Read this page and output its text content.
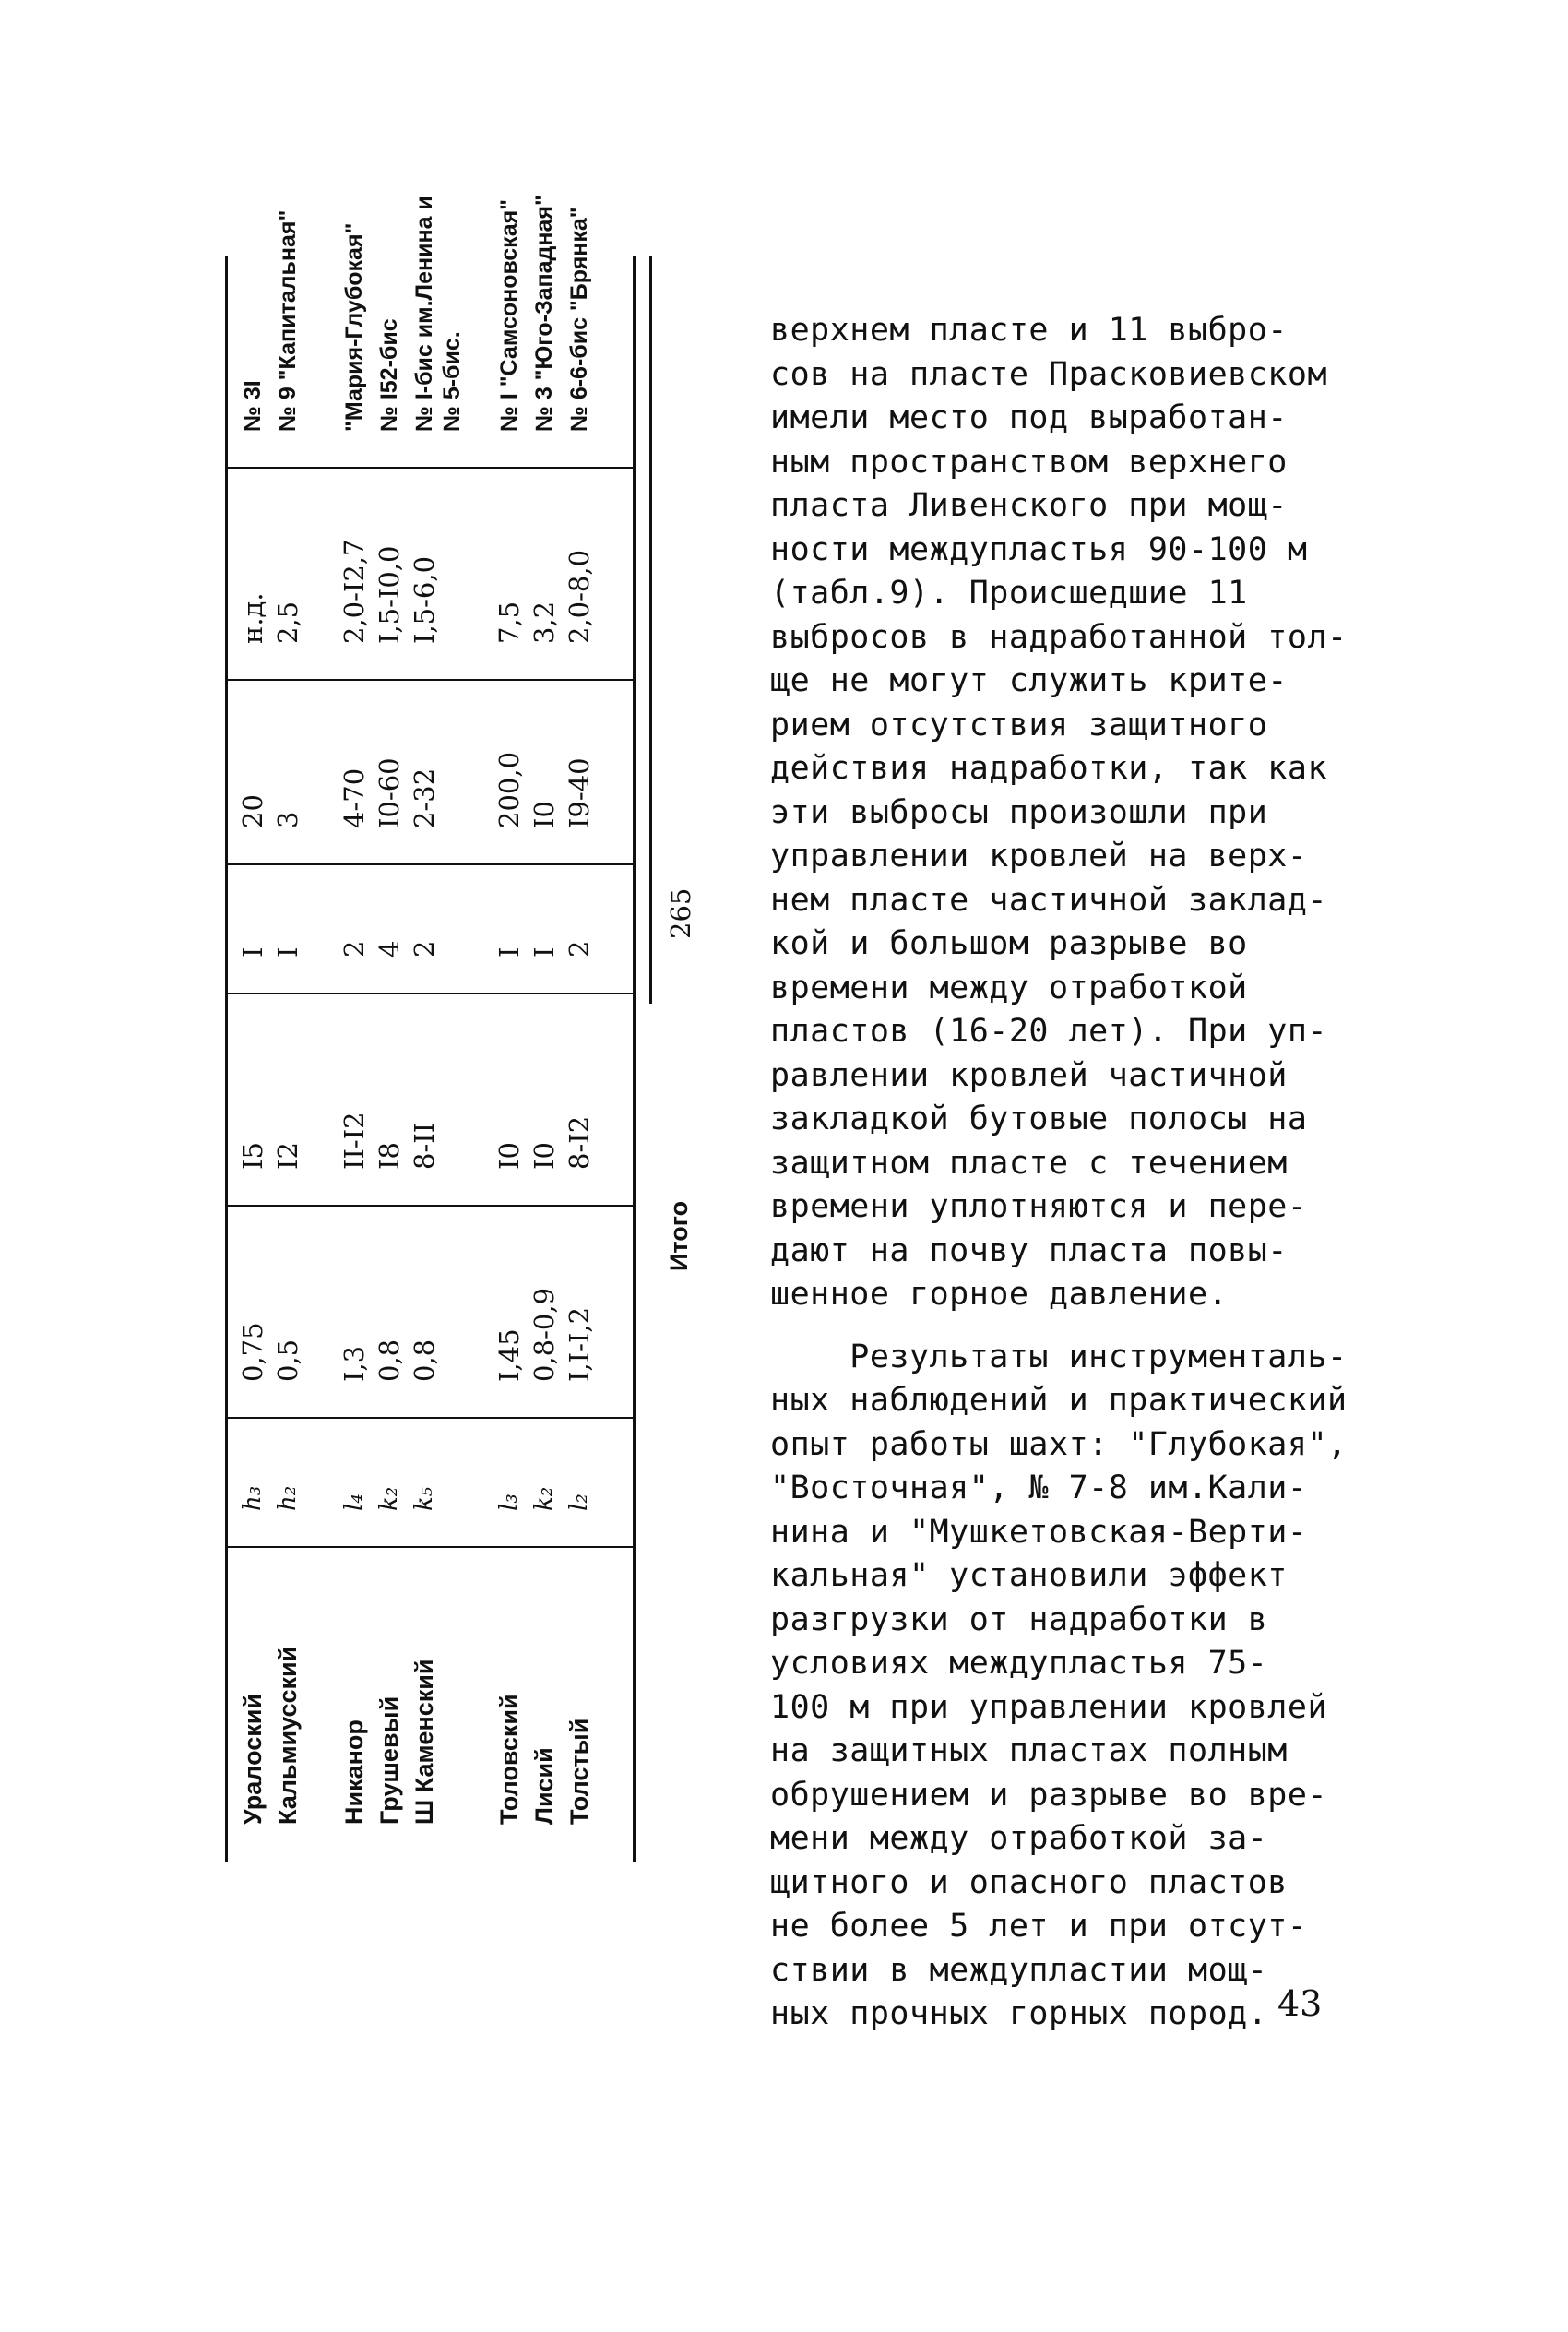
Уралоский
h₃
0,75
I5
I
20
н.д.
№ 3I
Кальмиусский
h₂
0,5
I2
I
3
2,5
№ 9 "Капитальная"
Никанор
l₄
I,3
II-I2
2
4-70
2,0-I2,7
"Мария-Глубокая"
Грушевый
k₂
0,8
I8
4
I0-60
I,5-I0,0
№ I52-бис
Ш Каменский
k₅
0,8
8-II
2
2-32
I,5-6,0
№ I-бис им.Ленина и № 5-бис.
Толовский
l₃
I,45
I0
I
200,0
7,5
№ I "Самсоновская"
Лисий
k₂
0,8-0,9
I0
I
I0
3,2
№ 3 "Юго-Западная"
Толстый
l₂
I,I-I,2
8-I2
2
I9-40
2,0-8,0
№ 6-6-бис "Брянка"
Итого
265

верхнем пласте и 11 выбро-
сов на пласте Прасковиевском
имели место под выработан-
ным пространством верхнего
пласта Ливенского при мощ-
ности междупластья 90-100 м
(табл.9). Происшедшие 11
выбросов в надработанной тол-
ще не могут служить крите-
рием отсутствия защитного
действия надработки, так как
эти выбросы произошли при
управлении кровлей на верх-
нем пласте частичной заклад-
кой и большом разрыве во
времени между отработкой
пластов (16-20 лет). При уп-
равлении кровлей частичной
закладкой бутовые полосы на
защитном пласте с течением
времени уплотняются и пере-
дают на почву пласта повы-
шенное горное давление.

Результаты инструменталь-
ных наблюдений и практический
опыт работы шахт: "Глубокая",
"Восточная", № 7-8 им.Кали-
нина и "Мушкетовская-Верти-
кальная" установили эффект
разгрузки от надработки в
условиях междупластья 75-
100 м при управлении кровлей
на защитных пластах полным
обрушением и разрыве во вре-
мени между отработкой за-
щитного и опасного пластов
не более 5 лет и при отсут-
ствии в междупластии мощ-
ных прочных горных пород. 43
